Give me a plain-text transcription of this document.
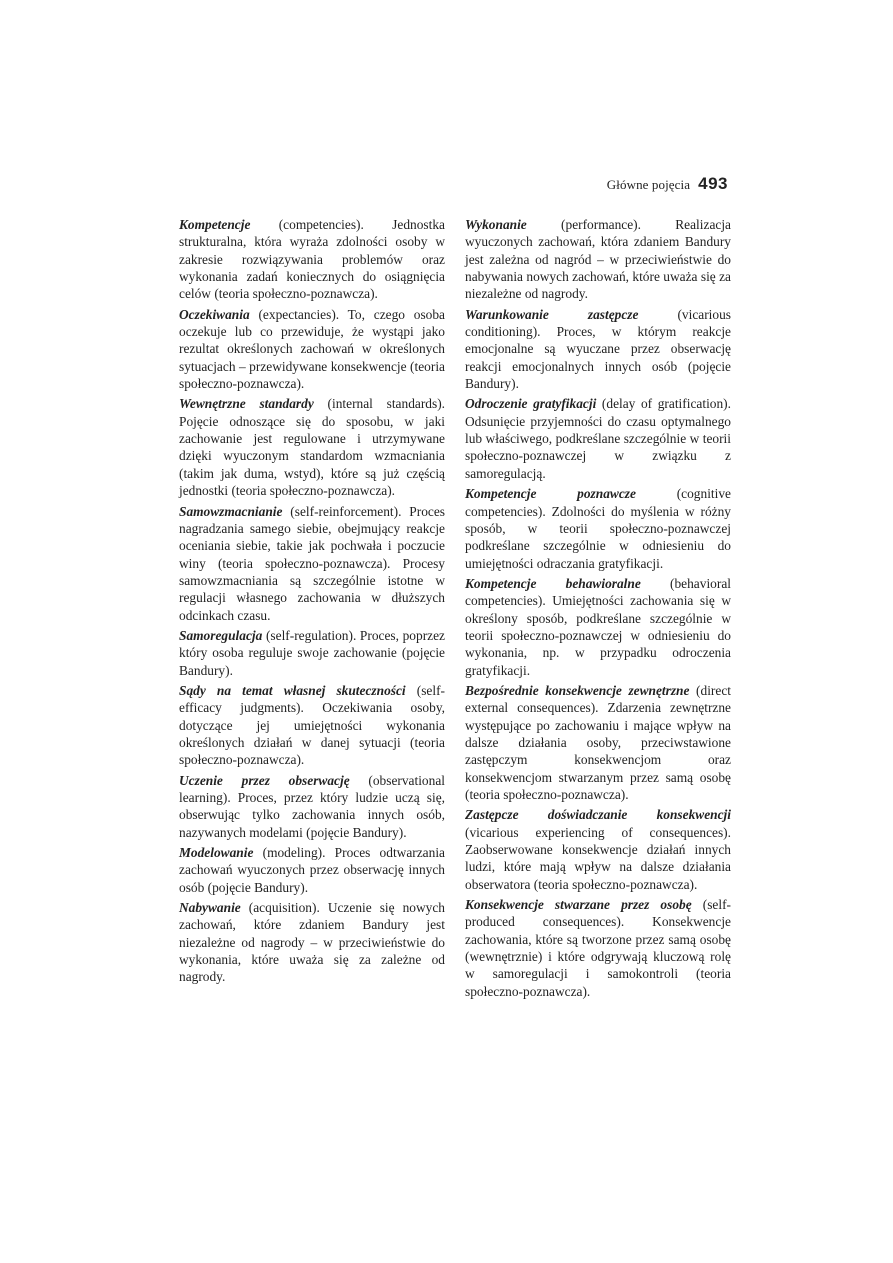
Główne pojęcia 493

Kompetencje (competencies). Jednostka strukturalna, która wyraża zdolności osoby w zakresie rozwiązywania problemów oraz wykonania zadań koniecznych do osiągnięcia celów (teoria społeczno-poznawcza).

Oczekiwania (expectancies). To, czego osoba oczekuje lub co przewiduje, że wystąpi jako rezultat określonych zachowań w określonych sytuacjach – przewidywane konsekwencje (teoria społeczno-poznawcza).

Wewnętrzne standardy (internal standards). Pojęcie odnoszące się do sposobu, w jaki zachowanie jest regulowane i utrzymywane dzięki wyuczonym standardom wzmacniania (takim jak duma, wstyd), które są już częścią jednostki (teoria społeczno-poznawcza).

Samowzmacnianie (self-reinforcement). Proces nagradzania samego siebie, obejmujący reakcje oceniania siebie, takie jak pochwała i poczucie winy (teoria społeczno-poznawcza). Procesy samowzmacniania są szczególnie istotne w regulacji własnego zachowania w dłuższych odcinkach czasu.

Samoregulacja (self-regulation). Proces, poprzez który osoba reguluje swoje zachowanie (pojęcie Bandury).

Sądy na temat własnej skuteczności (self-efficacy judgments). Oczekiwania osoby, dotyczące jej umiejętności wykonania określonych działań w danej sytuacji (teoria społeczno-poznawcza).

Uczenie przez obserwację (observational learning). Proces, przez który ludzie uczą się, obserwując tylko zachowania innych osób, nazywanych modelami (pojęcie Bandury).

Modelowanie (modeling). Proces odtwarzania zachowań wyuczonych przez obserwację innych osób (pojęcie Bandury).

Nabywanie (acquisition). Uczenie się nowych zachowań, które zdaniem Bandury jest niezależne od nagrody – w przeciwieństwie do wykonania, które uważa się za zależne od nagrody.

Wykonanie (performance). Realizacja wyuczonych zachowań, która zdaniem Bandury jest zależna od nagród – w przeciwieństwie do nabywania nowych zachowań, które uważa się za niezależne od nagrody.

Warunkowanie zastępcze (vicarious conditioning). Proces, w którym reakcje emocjonalne są wyuczane przez obserwację reakcji emocjonalnych innych osób (pojęcie Bandury).

Odroczenie gratyfikacji (delay of gratification). Odsunięcie przyjemności do czasu optymalnego lub właściwego, podkreślane szczególnie w teorii społeczno-poznawczej w związku z samoregulacją.

Kompetencje poznawcze (cognitive competencies). Zdolności do myślenia w różny sposób, w teorii społeczno-poznawczej podkreślane szczególnie w odniesieniu do umiejętności odraczania gratyfikacji.

Kompetencje behawioralne (behavioral competencies). Umiejętności zachowania się w określony sposób, podkreślane szczególnie w teorii społeczno-poznawczej w odniesieniu do wykonania, np. w przypadku odroczenia gratyfikacji.

Bezpośrednie konsekwencje zewnętrzne (direct external consequences). Zdarzenia zewnętrzne występujące po zachowaniu i mające wpływ na dalsze działania osoby, przeciwstawione zastępczym konsekwencjom oraz konsekwencjom stwarzanym przez samą osobę (teoria społeczno-poznawcza).

Zastępcze doświadczanie konsekwencji (vicarious experiencing of consequences). Zaobserwowane konsekwencje działań innych ludzi, które mają wpływ na dalsze działania obserwatora (teoria społeczno-poznawcza).

Konsekwencje stwarzane przez osobę (self-produced consequences). Konsekwencje zachowania, które są tworzone przez samą osobę (wewnętrznie) i które odgrywają kluczową rolę w samoregulacji i samokontroli (teoria społeczno-poznawcza).
